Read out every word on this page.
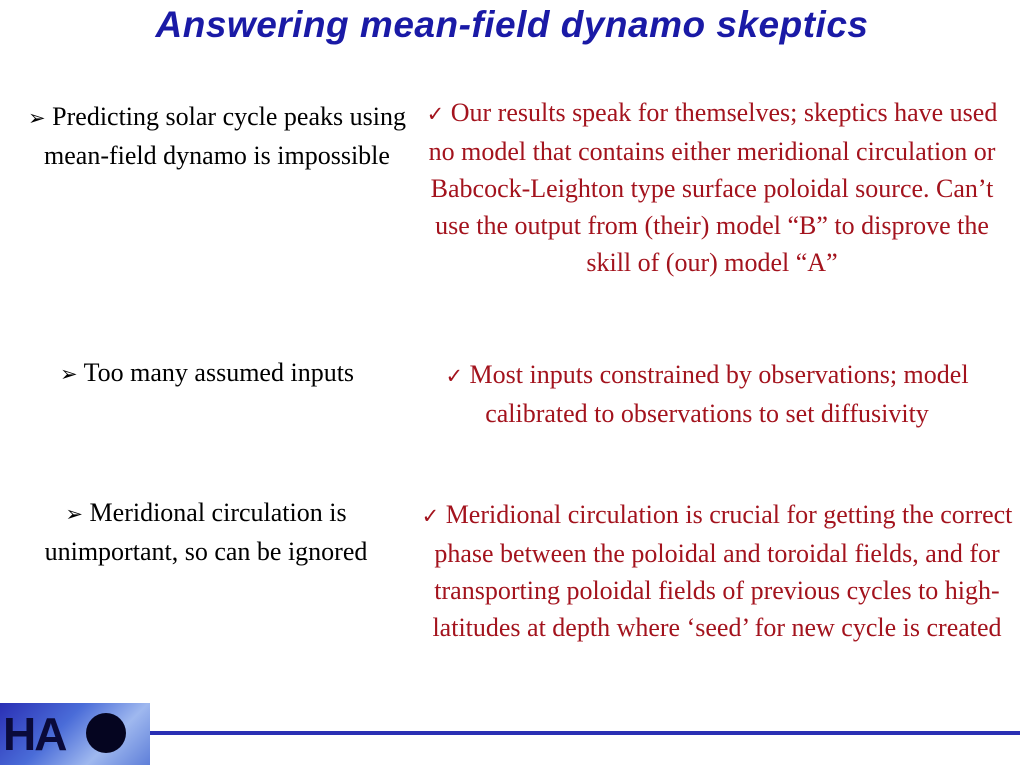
Answering mean-field dynamo skeptics
➢ Predicting solar cycle peaks using mean-field dynamo is impossible
✓ Our results speak for themselves; skeptics have used no model that contains either meridional circulation or Babcock-Leighton type surface poloidal source. Can’t use the output from (their) model “B” to disprove the skill of (our) model “A”
➢ Too many assumed inputs	✓ Most inputs constrained by observations; model calibrated to observations to set diffusivity
➢ Meridional circulation is unimportant, so can be ignored
✓ Meridional circulation is crucial for getting the correct phase between the poloidal and toroidal fields, and for transporting poloidal fields of previous cycles to high-latitudes at depth where ‘seed’ for new cycle is created
HA
